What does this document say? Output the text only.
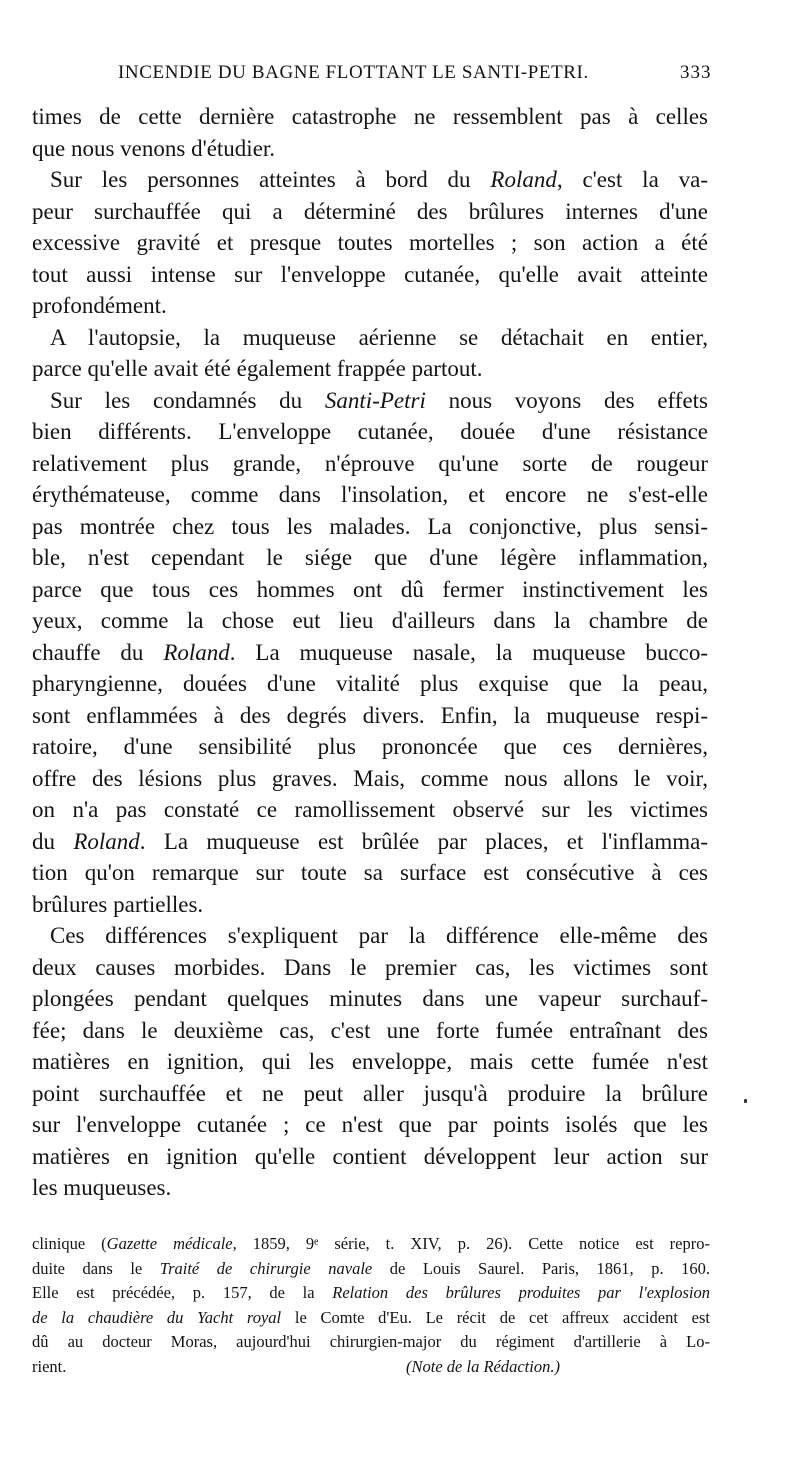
INCENDIE DU BAGNE FLOTTANT LE SANTI-PETRI.	333
times de cette dernière catastrophe ne ressemblent pas à celles
que nous venons d'étudier.
Sur les personnes atteintes à bord du Roland, c'est la va-
peur surchauffée qui a déterminé des brûlures internes d'une
excessive gravité et presque toutes mortelles ; son action a été
tout aussi intense sur l'enveloppe cutanée, qu'elle avait atteinte
profondément.
A l'autopsie, la muqueuse aérienne se détachait en entier,
parce qu'elle avait été également frappée partout.
Sur les condamnés du Santi-Petri nous voyons des effets
bien différents. L'enveloppe cutanée, douée d'une résistance
relativement plus grande, n'éprouve qu'une sorte de rougeur
érythémateuse, comme dans l'insolation, et encore ne s'est-elle
pas montrée chez tous les malades. La conjonctive, plus sensi-
ble, n'est cependant le siége que d'une légère inflammation,
parce que tous ces hommes ont dû fermer instinctivement les
yeux, comme la chose eut lieu d'ailleurs dans la chambre de
chauffe du Roland. La muqueuse nasale, la muqueuse bucco-
pharyngienne, douées d'une vitalité plus exquise que la peau,
sont enflammées à des degrés divers. Enfin, la muqueuse respi-
ratoire, d'une sensibilité plus prononcée que ces dernières,
offre des lésions plus graves. Mais, comme nous allons le voir,
on n'a pas constaté ce ramollissement observé sur les victimes
du Roland. La muqueuse est brûlée par places, et l'inflamma-
tion qu'on remarque sur toute sa surface est consécutive à ces
brûlures partielles.
Ces différences s'expliquent par la différence elle-même des
deux causes morbides. Dans le premier cas, les victimes sont
plongées pendant quelques minutes dans une vapeur surchauf-
fée; dans le deuxième cas, c'est une forte fumée entraînant des
matières en ignition, qui les enveloppe, mais cette fumée n'est
point surchauffée et ne peut aller jusqu'à produire la brûlure
sur l'enveloppe cutanée ; ce n'est que par points isolés que les
matières en ignition qu'elle contient développent leur action sur
les muqueuses.
clinique (Gazette médicale, 1859, 9ᵉ série, t. XIV, p. 26). Cette notice est repro-
duite dans le Traité de chirurgie navale de Louis Saurel. Paris, 1861, p. 160.
Elle est précédée, p. 157, de la Relation des brûlures produites par l'explosion
de la chaudière du Yacht royal le Comte d'Eu. Le récit de cet affreux accident est
dû au docteur Moras, aujourd'hui chirurgien-major du régiment d'artillerie à Lo-
rient.	(Note de la Rédaction.)
